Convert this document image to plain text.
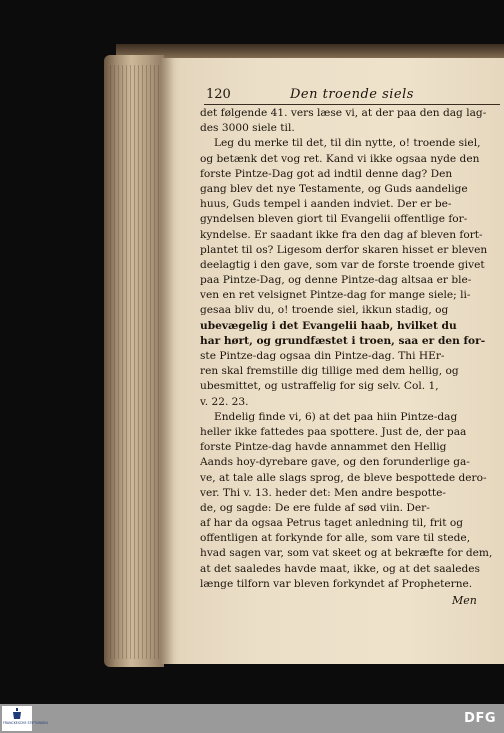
120	Den troende siels
det følgende 41. vers læse vi, at der paa den dag lag-
des 3000 siele til.
Leg du merke til det, til din nytte, o! troende siel,
og betænk det vog ret. Kand vi ikke ogsaa nyde den
forste Pintze-Dag got ad indtil denne dag? Den
gang blev det nye Testamente, og Guds aandelige
huus, Guds tempel i aanden indviet. Der er be-
gyndelsen bleven giort til Evangelii offentlige for-
kyndelse. Er saadant ikke fra den dag af bleven fort-
plantet til os? Ligesom derfor skaren hisset er bleven
deelagtig i den gave, som var de forste troende givet
paa Pintze-Dag, og denne Pintze-dag altsaa er ble-
ven en ret velsignet Pintze-dag for mange siele; li-
gesaa bliv du, o! troende siel, ikkun stadig, og
ubevægelig i det Evangelii haab, hvilket du
har hørt, og grundfæstet i troen, saa er den for-
ste Pintze-dag ogsaa din Pintze-dag. Thi HEr-
ren skal fremstille dig tillige med dem hellig, og
ubesmittet, og ustraffelig for sig selv. Col. 1,
v. 22. 23.
Endelig finde vi, 6) at det paa hiin Pintze-dag
heller ikke fattedes paa spottere. Just de, der paa
forste Pintze-dag havde annammet den Hellig
Aands hoy-dyrebare gave, og den forunderlige ga-
ve, at tale alle slags sprog, de bleve bespottede dero-
ver. Thi v. 13. heder det: Men andre bespotte-
de, og sagde: De ere fulde af sød viin. Der-
af har da ogsaa Petrus taget anledning til, frit og
offentligen at forkynde for alle, som vare til stede,
hvad sagen var, som vat skeet og at bekræfte for dem,
at det saaledes havde maat, ikke, og at det saaledes
længe tilforn var bleven forkyndet af Propheterne.
Men
FRANCKESCHE STIFTUNGEN	DFG
